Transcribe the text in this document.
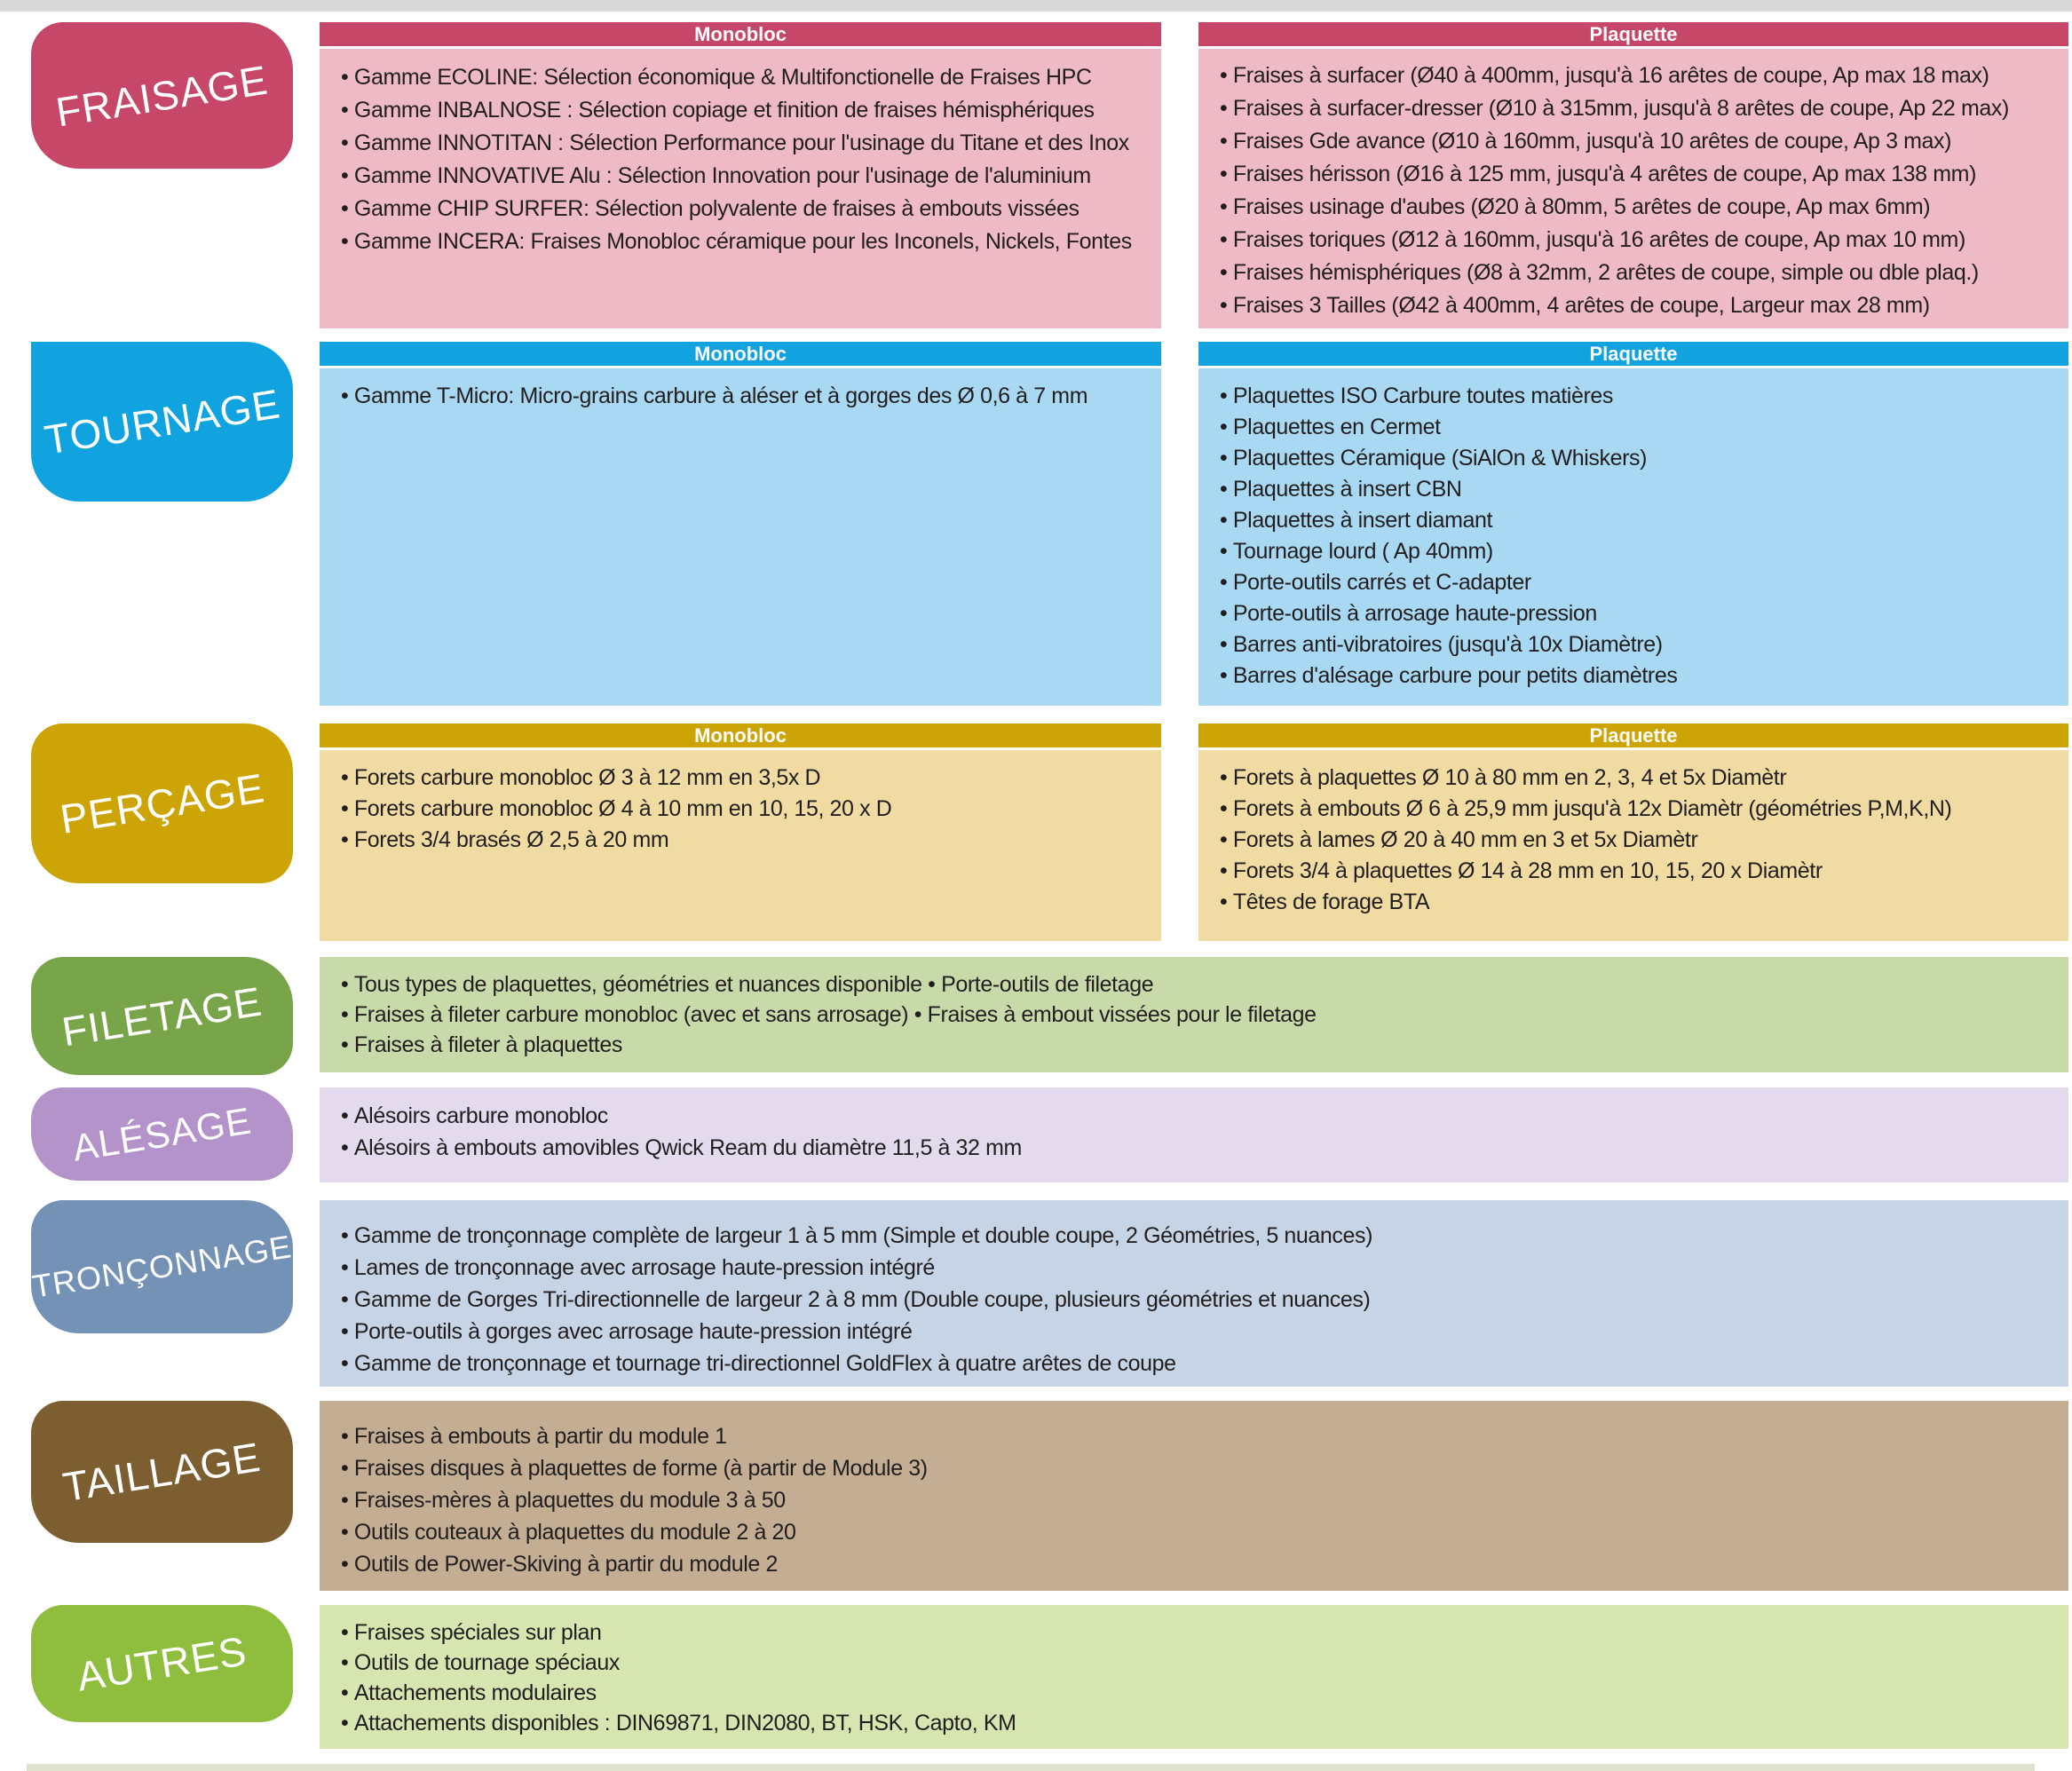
FRAISAGE
Monobloc
• Gamme ECOLINE: Sélection économique & Multifonctionelle de Fraises HPC
• Gamme INBALNOSE : Sélection copiage et finition de fraises hémisphériques
• Gamme INNOTITAN : Sélection Performance pour l'usinage du Titane et des Inox
• Gamme INNOVATIVE Alu : Sélection Innovation pour l'usinage de l'aluminium
• Gamme CHIP SURFER: Sélection polyvalente de fraises à embouts vissées
• Gamme INCERA: Fraises Monobloc céramique pour les Inconels, Nickels, Fontes
Plaquette
• Fraises à surfacer (Ø40 à 400mm, jusqu'à 16 arêtes de coupe, Ap max 18 max)
• Fraises à surfacer-dresser (Ø10 à 315mm, jusqu'à 8 arêtes de coupe, Ap 22 max)
• Fraises Gde avance (Ø10 à 160mm, jusqu'à 10 arêtes de coupe, Ap 3 max)
• Fraises hérisson (Ø16 à 125 mm, jusqu'à 4 arêtes de coupe, Ap max 138 mm)
• Fraises usinage d'aubes (Ø20 à 80mm, 5 arêtes de coupe, Ap max 6mm)
• Fraises toriques (Ø12 à 160mm, jusqu'à 16 arêtes de coupe, Ap max 10 mm)
• Fraises hémisphériques (Ø8 à 32mm, 2 arêtes de coupe, simple ou dble plaq.)
• Fraises 3 Tailles (Ø42 à 400mm, 4 arêtes de coupe, Largeur max 28 mm)
TOURNAGE
Monobloc
• Gamme T-Micro: Micro-grains carbure à aléser et à gorges des Ø 0,6 à 7 mm
Plaquette
• Plaquettes ISO Carbure toutes matières
• Plaquettes en Cermet
• Plaquettes Céramique (SiAlOn & Whiskers)
• Plaquettes à insert CBN
• Plaquettes à insert diamant
• Tournage lourd ( Ap 40mm)
• Porte-outils carrés et C-adapter
• Porte-outils à arrosage haute-pression
• Barres anti-vibratoires (jusqu'à 10x Diamètre)
• Barres d'alésage carbure pour petits diamètres
PERÇAGE
Monobloc
• Forets carbure monobloc Ø 3 à 12 mm en 3,5x D
• Forets carbure monobloc Ø 4 à 10 mm en 10, 15, 20 x D
• Forets 3/4 brasés Ø 2,5 à 20 mm
Plaquette
• Forets à plaquettes Ø 10 à 80 mm en 2, 3, 4 et 5x Diamètr
• Forets à embouts Ø 6 à 25,9 mm jusqu'à 12x Diamètr (géométries P,M,K,N)
• Forets à lames Ø 20 à 40 mm en 3 et 5x Diamètr
• Forets 3/4 à plaquettes Ø 14 à 28 mm en 10, 15, 20 x Diamètr
• Têtes de forage BTA
FILETAGE	• Tous types de plaquettes, géométries et nuances disponible • Porte-outils de filetage
• Fraises à fileter carbure monobloc (avec et sans arrosage) • Fraises à embout vissées pour le filetage
• Fraises à fileter à plaquettes
ALÉSAGE	• Alésoirs carbure monobloc
• Alésoirs à embouts amovibles Qwick Ream du diamètre 11,5 à 32 mm
TRONÇONNAGE	• Gamme de tronçonnage complète de largeur 1 à 5 mm (Simple et double coupe, 2 Géométries, 5 nuances)
• Lames de tronçonnage avec arrosage haute-pression intégré
• Gamme de Gorges Tri-directionnelle de largeur 2 à 8 mm (Double coupe, plusieurs géométries et nuances)
• Porte-outils à gorges avec arrosage haute-pression intégré
• Gamme de tronçonnage et tournage tri-directionnel GoldFlex à quatre arêtes de coupe
TAILLAGE	• Fraises à embouts à partir du module 1
• Fraises disques à plaquettes de forme (à partir de Module 3)
• Fraises-mères à plaquettes du module 3 à 50
• Outils couteaux à plaquettes du module 2 à 20
• Outils de Power-Skiving à partir du module 2
AUTRES	• Fraises spéciales sur plan
• Outils de tournage spéciaux
• Attachements modulaires
• Attachements disponibles : DIN69871, DIN2080, BT, HSK, Capto, KM
